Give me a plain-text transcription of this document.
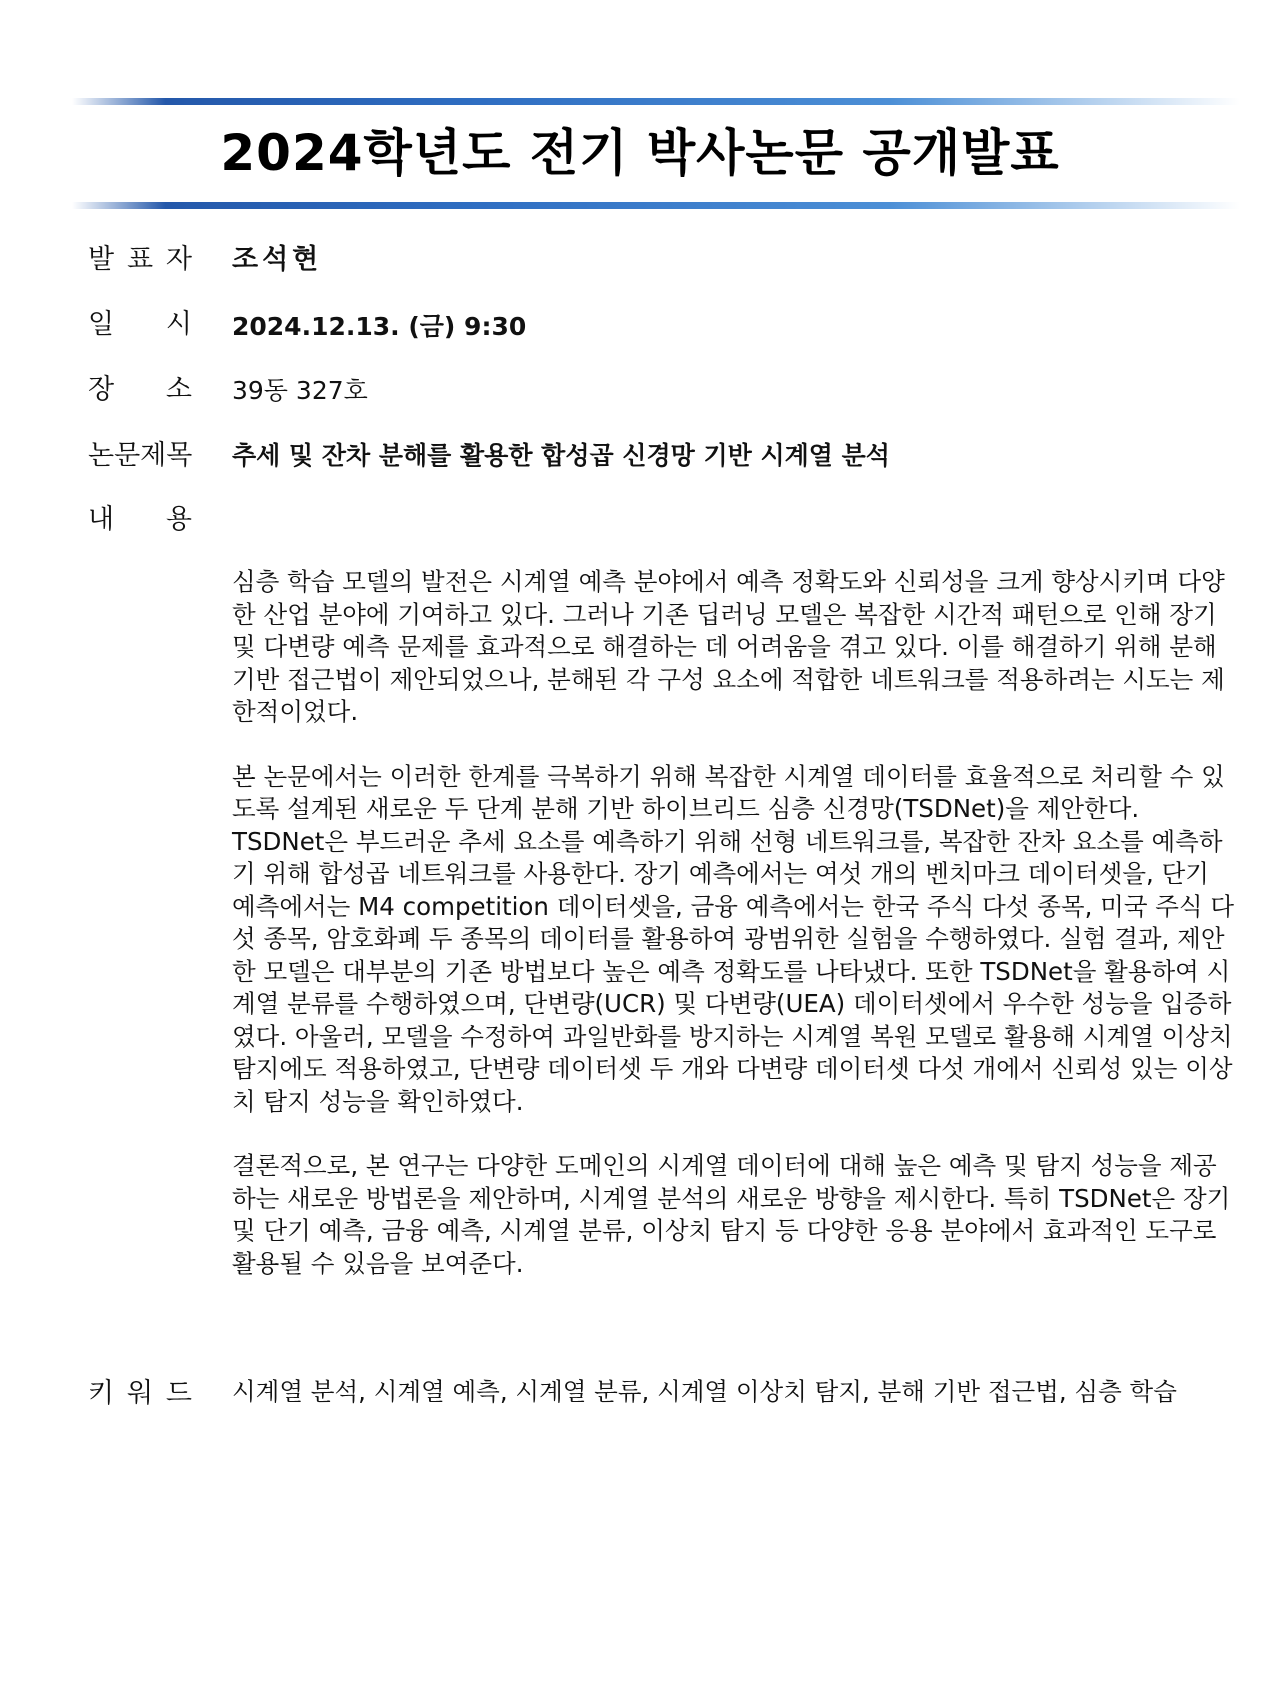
2024학년도 전기 박사논문 공개발표
발 표 자 조석현
일 시 2024.12.13. (금) 9:30
장 소 39동 327호
논문제목 추세 및 잔차 분해를 활용한 합성곱 신경망 기반 시계열 분석
내 용

심층 학습 모델의 발전은 시계열 예측 분야에서 예측 정확도와 신뢰성을 크게 향상시키며 다양한 산업 분야에 기여하고 있다. 그러나 기존 딥러닝 모델은 복잡한 시간적 패턴으로 인해 장기 및 다변량 예측 문제를 효과적으로 해결하는 데 어려움을 겪고 있다. 이를 해결하기 위해 분해 기반 접근법이 제안되었으나, 분해된 각 구성 요소에 적합한 네트워크를 적용하려는 시도는 제한적이었다.

본 논문에서는 이러한 한계를 극복하기 위해 복잡한 시계열 데이터를 효율적으로 처리할 수 있도록 설계된 새로운 두 단계 분해 기반 하이브리드 심층 신경망(TSDNet)을 제안한다. TSDNet은 부드러운 추세 요소를 예측하기 위해 선형 네트워크를, 복잡한 잔차 요소를 예측하기 위해 합성곱 네트워크를 사용한다. 장기 예측에서는 여섯 개의 벤치마크 데이터셋을, 단기 예측에서는 M4 competition 데이터셋을, 금융 예측에서는 한국 주식 다섯 종목, 미국 주식 다섯 종목, 암호화폐 두 종목의 데이터를 활용하여 광범위한 실험을 수행하였다. 실험 결과, 제안한 모델은 대부분의 기존 방법보다 높은 예측 정확도를 나타냈다. 또한 TSDNet을 활용하여 시계열 분류를 수행하였으며, 단변량(UCR) 및 다변량(UEA) 데이터셋에서 우수한 성능을 입증하였다. 아울러, 모델을 수정하여 과일반화를 방지하는 시계열 복원 모델로 활용해 시계열 이상치 탐지에도 적용하였고, 단변량 데이터셋 두 개와 다변량 데이터셋 다섯 개에서 신뢰성 있는 이상치 탐지 성능을 확인하였다.

결론적으로, 본 연구는 다양한 도메인의 시계열 데이터에 대해 높은 예측 및 탐지 성능을 제공하는 새로운 방법론을 제안하며, 시계열 분석의 새로운 방향을 제시한다. 특히 TSDNet은 장기 및 단기 예측, 금융 예측, 시계열 분류, 이상치 탐지 등 다양한 응용 분야에서 효과적인 도구로 활용될 수 있음을 보여준다.

키 워 드 시계열 분석, 시계열 예측, 시계열 분류, 시계열 이상치 탐지, 분해 기반 접근법, 심층 학습
